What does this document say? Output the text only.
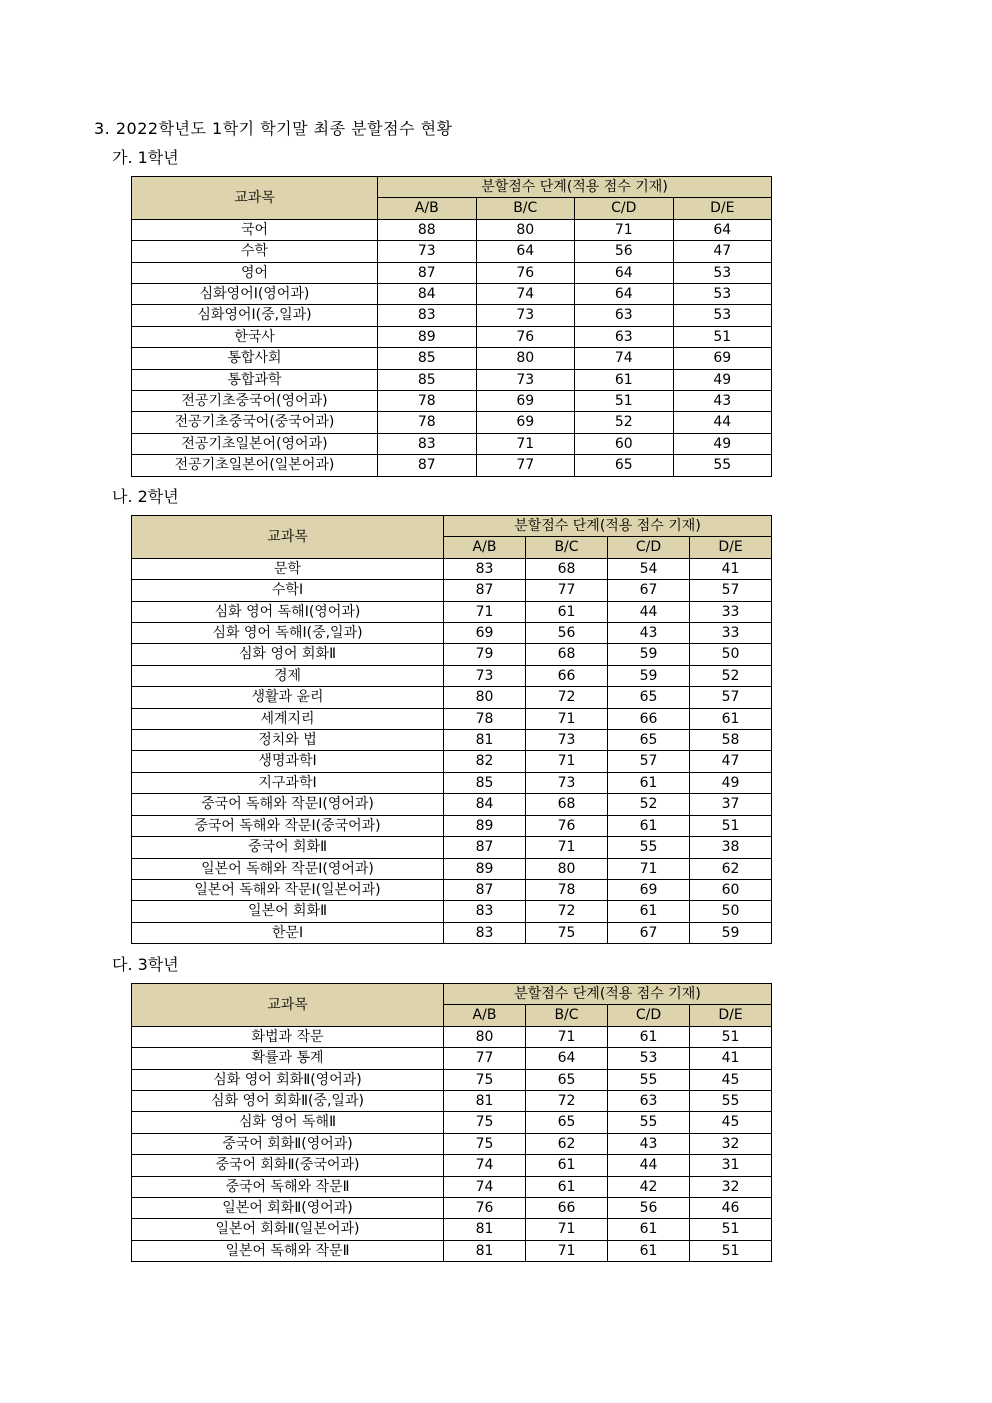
3. 2022학년도 1학기 학기말 최종 분할점수 현황
가. 1학년
교과목	분할점수 단계(적용 점수 기재)			
	A/B	B/C	C/D	D/E
국어	88	80	71	64
수학	73	64	56	47
영어	87	76	64	53
심화영어Ⅰ(영어과)	84	74	64	53
심화영어Ⅰ(중,일과)	83	73	63	53
한국사	89	76	63	51
통합사회	85	80	74	69
통합과학	85	73	61	49
전공기초중국어(영어과)	78	69	51	43
전공기초중국어(중국어과)	78	69	52	44
전공기초일본어(영어과)	83	71	60	49
전공기초일본어(일본어과)	87	77	65	55
나. 2학년
교과목	분할점수 단계(적용 점수 기재)			
	A/B	B/C	C/D	D/E
문학	83	68	54	41
수학Ⅰ	87	77	67	57
심화 영어 독해Ⅰ(영어과)	71	61	44	33
심화 영어 독해Ⅰ(중,일과)	69	56	43	33
심화 영어 회화Ⅱ	79	68	59	50
경제	73	66	59	52
생활과 윤리	80	72	65	57
세계지리	78	71	66	61
정치와 법	81	73	65	58
생명과학Ⅰ	82	71	57	47
지구과학Ⅰ	85	73	61	49
중국어 독해와 작문Ⅰ(영어과)	84	68	52	37
중국어 독해와 작문Ⅰ(중국어과)	89	76	61	51
중국어 회화Ⅱ	87	71	55	38
일본어 독해와 작문Ⅰ(영어과)	89	80	71	62
일본어 독해와 작문Ⅰ(일본어과)	87	78	69	60
일본어 회화Ⅱ	83	72	61	50
한문Ⅰ	83	75	67	59
다. 3학년
교과목	분할점수 단계(적용 점수 기재)			
	A/B	B/C	C/D	D/E
화법과 작문	80	71	61	51
확률과 통계	77	64	53	41
심화 영어 회화Ⅱ(영어과)	75	65	55	45
심화 영어 회화Ⅱ(중,일과)	81	72	63	55
심화 영어 독해Ⅱ	75	65	55	45
중국어 회화Ⅱ(영어과)	75	62	43	32
중국어 회화Ⅱ(중국어과)	74	61	44	31
중국어 독해와 작문Ⅱ	74	61	42	32
일본어 회화Ⅱ(영어과)	76	66	56	46
일본어 회화Ⅱ(일본어과)	81	71	61	51
일본어 독해와 작문Ⅱ	81	71	61	51
